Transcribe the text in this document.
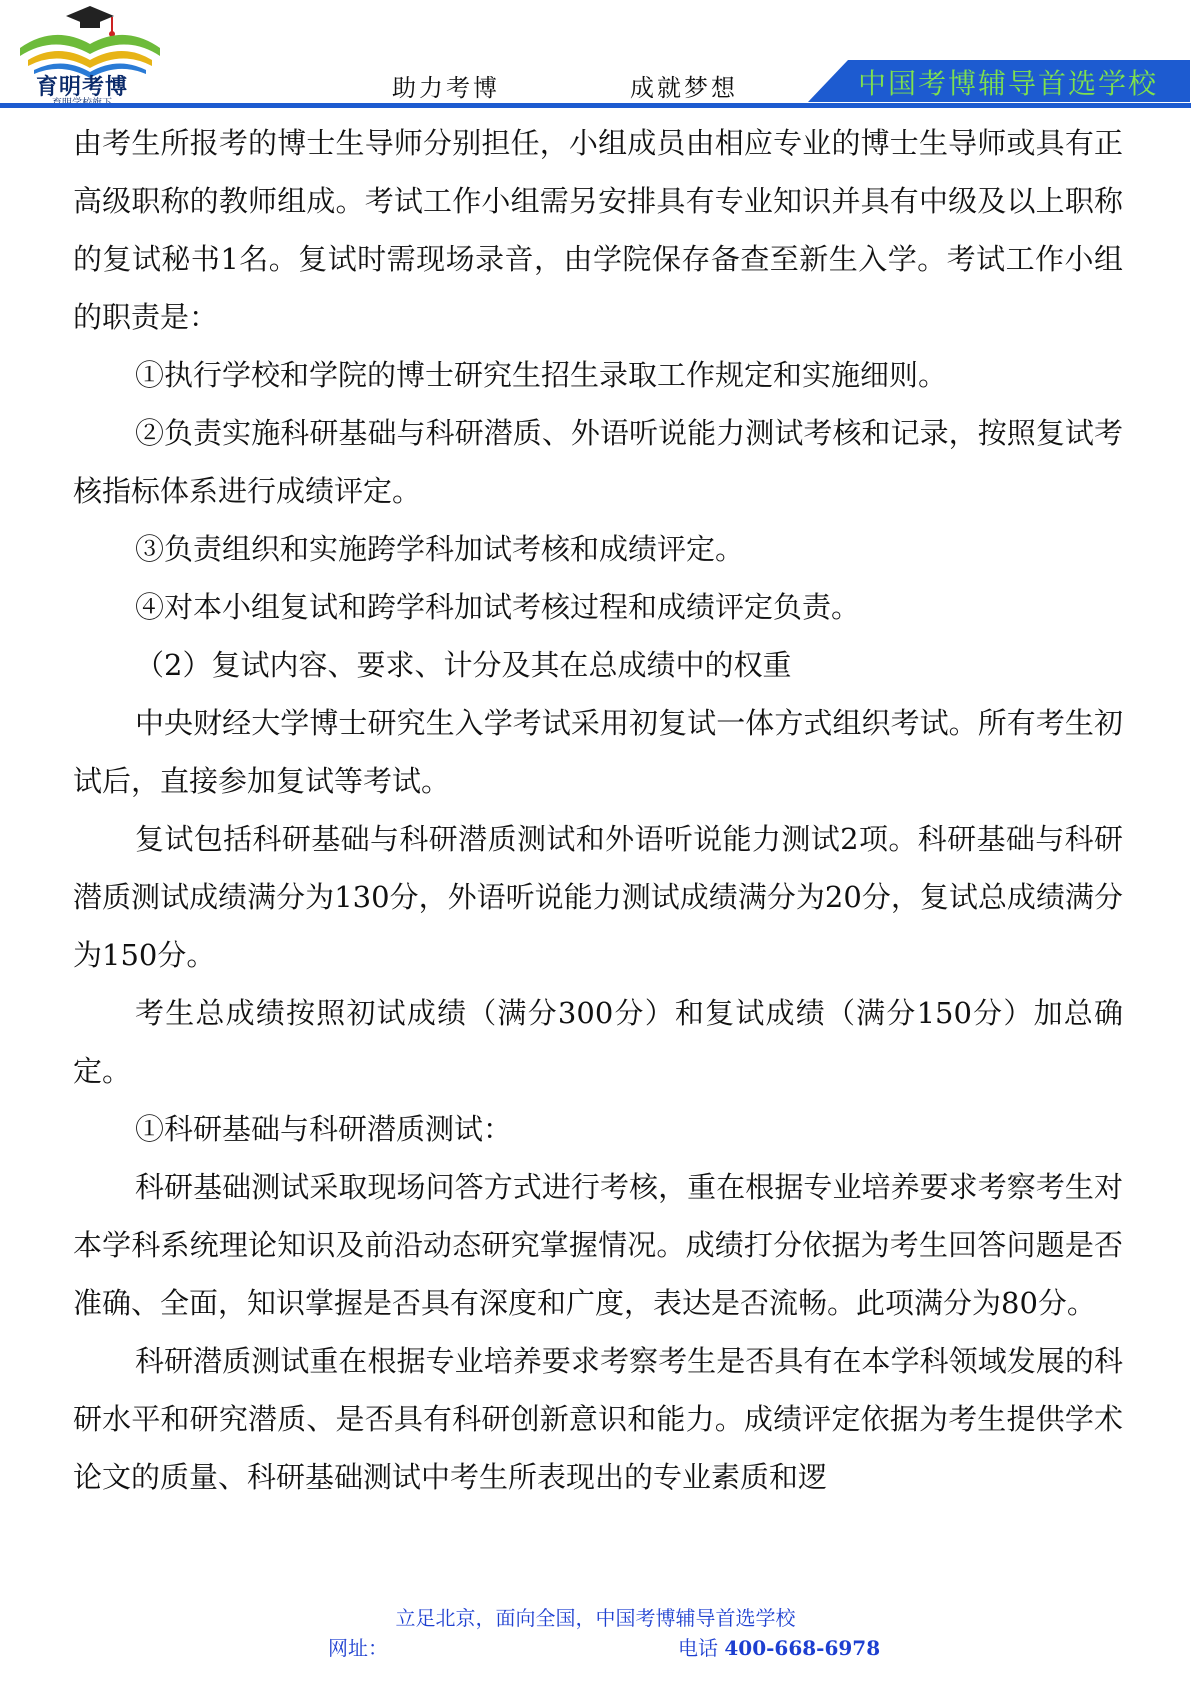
育明考博	助力考博	成就梦想	中国考博辅导首选学校

由考生所报考的博士生导师分别担任，小组成员由相应专业的博士生导师或具有正高级职称的教师组成。考试工作小组需另安排具有专业知识并具有中级及以上职称的复试秘书1名。复试时需现场录音，由学院保存备查至新生入学。考试工作小组的职责是：

①执行学校和学院的博士研究生招生录取工作规定和实施细则。

②负责实施科研基础与科研潜质、外语听说能力测试考核和记录，按照复试考核指标体系进行成绩评定。

③负责组织和实施跨学科加试考核和成绩评定。

④对本小组复试和跨学科加试考核过程和成绩评定负责。

（2）复试内容、要求、计分及其在总成绩中的权重

中央财经大学博士研究生入学考试采用初复试一体方式组织考试。所有考生初试后，直接参加复试等考试。

复试包括科研基础与科研潜质测试和外语听说能力测试2项。科研基础与科研潜质测试成绩满分为130分，外语听说能力测试成绩满分为20分，复试总成绩满分为150分。

考生总成绩按照初试成绩（满分300分）和复试成绩（满分150分）加总确定。

①科研基础与科研潜质测试：

科研基础测试采取现场问答方式进行考核，重在根据专业培养要求考察考生对本学科系统理论知识及前沿动态研究掌握情况。成绩打分依据为考生回答问题是否准确、全面，知识掌握是否具有深度和广度，表达是否流畅。此项满分为80分。

科研潜质测试重在根据专业培养要求考察考生是否具有在本学科领域发展的科研水平和研究潜质、是否具有科研创新意识和能力。成绩评定依据为考生提供学术论文的质量、科研基础测试中考生所表现出的专业素质和逻

立足北京，面向全国，中国考博辅导首选学校
网址：	电话 400-668-6978
